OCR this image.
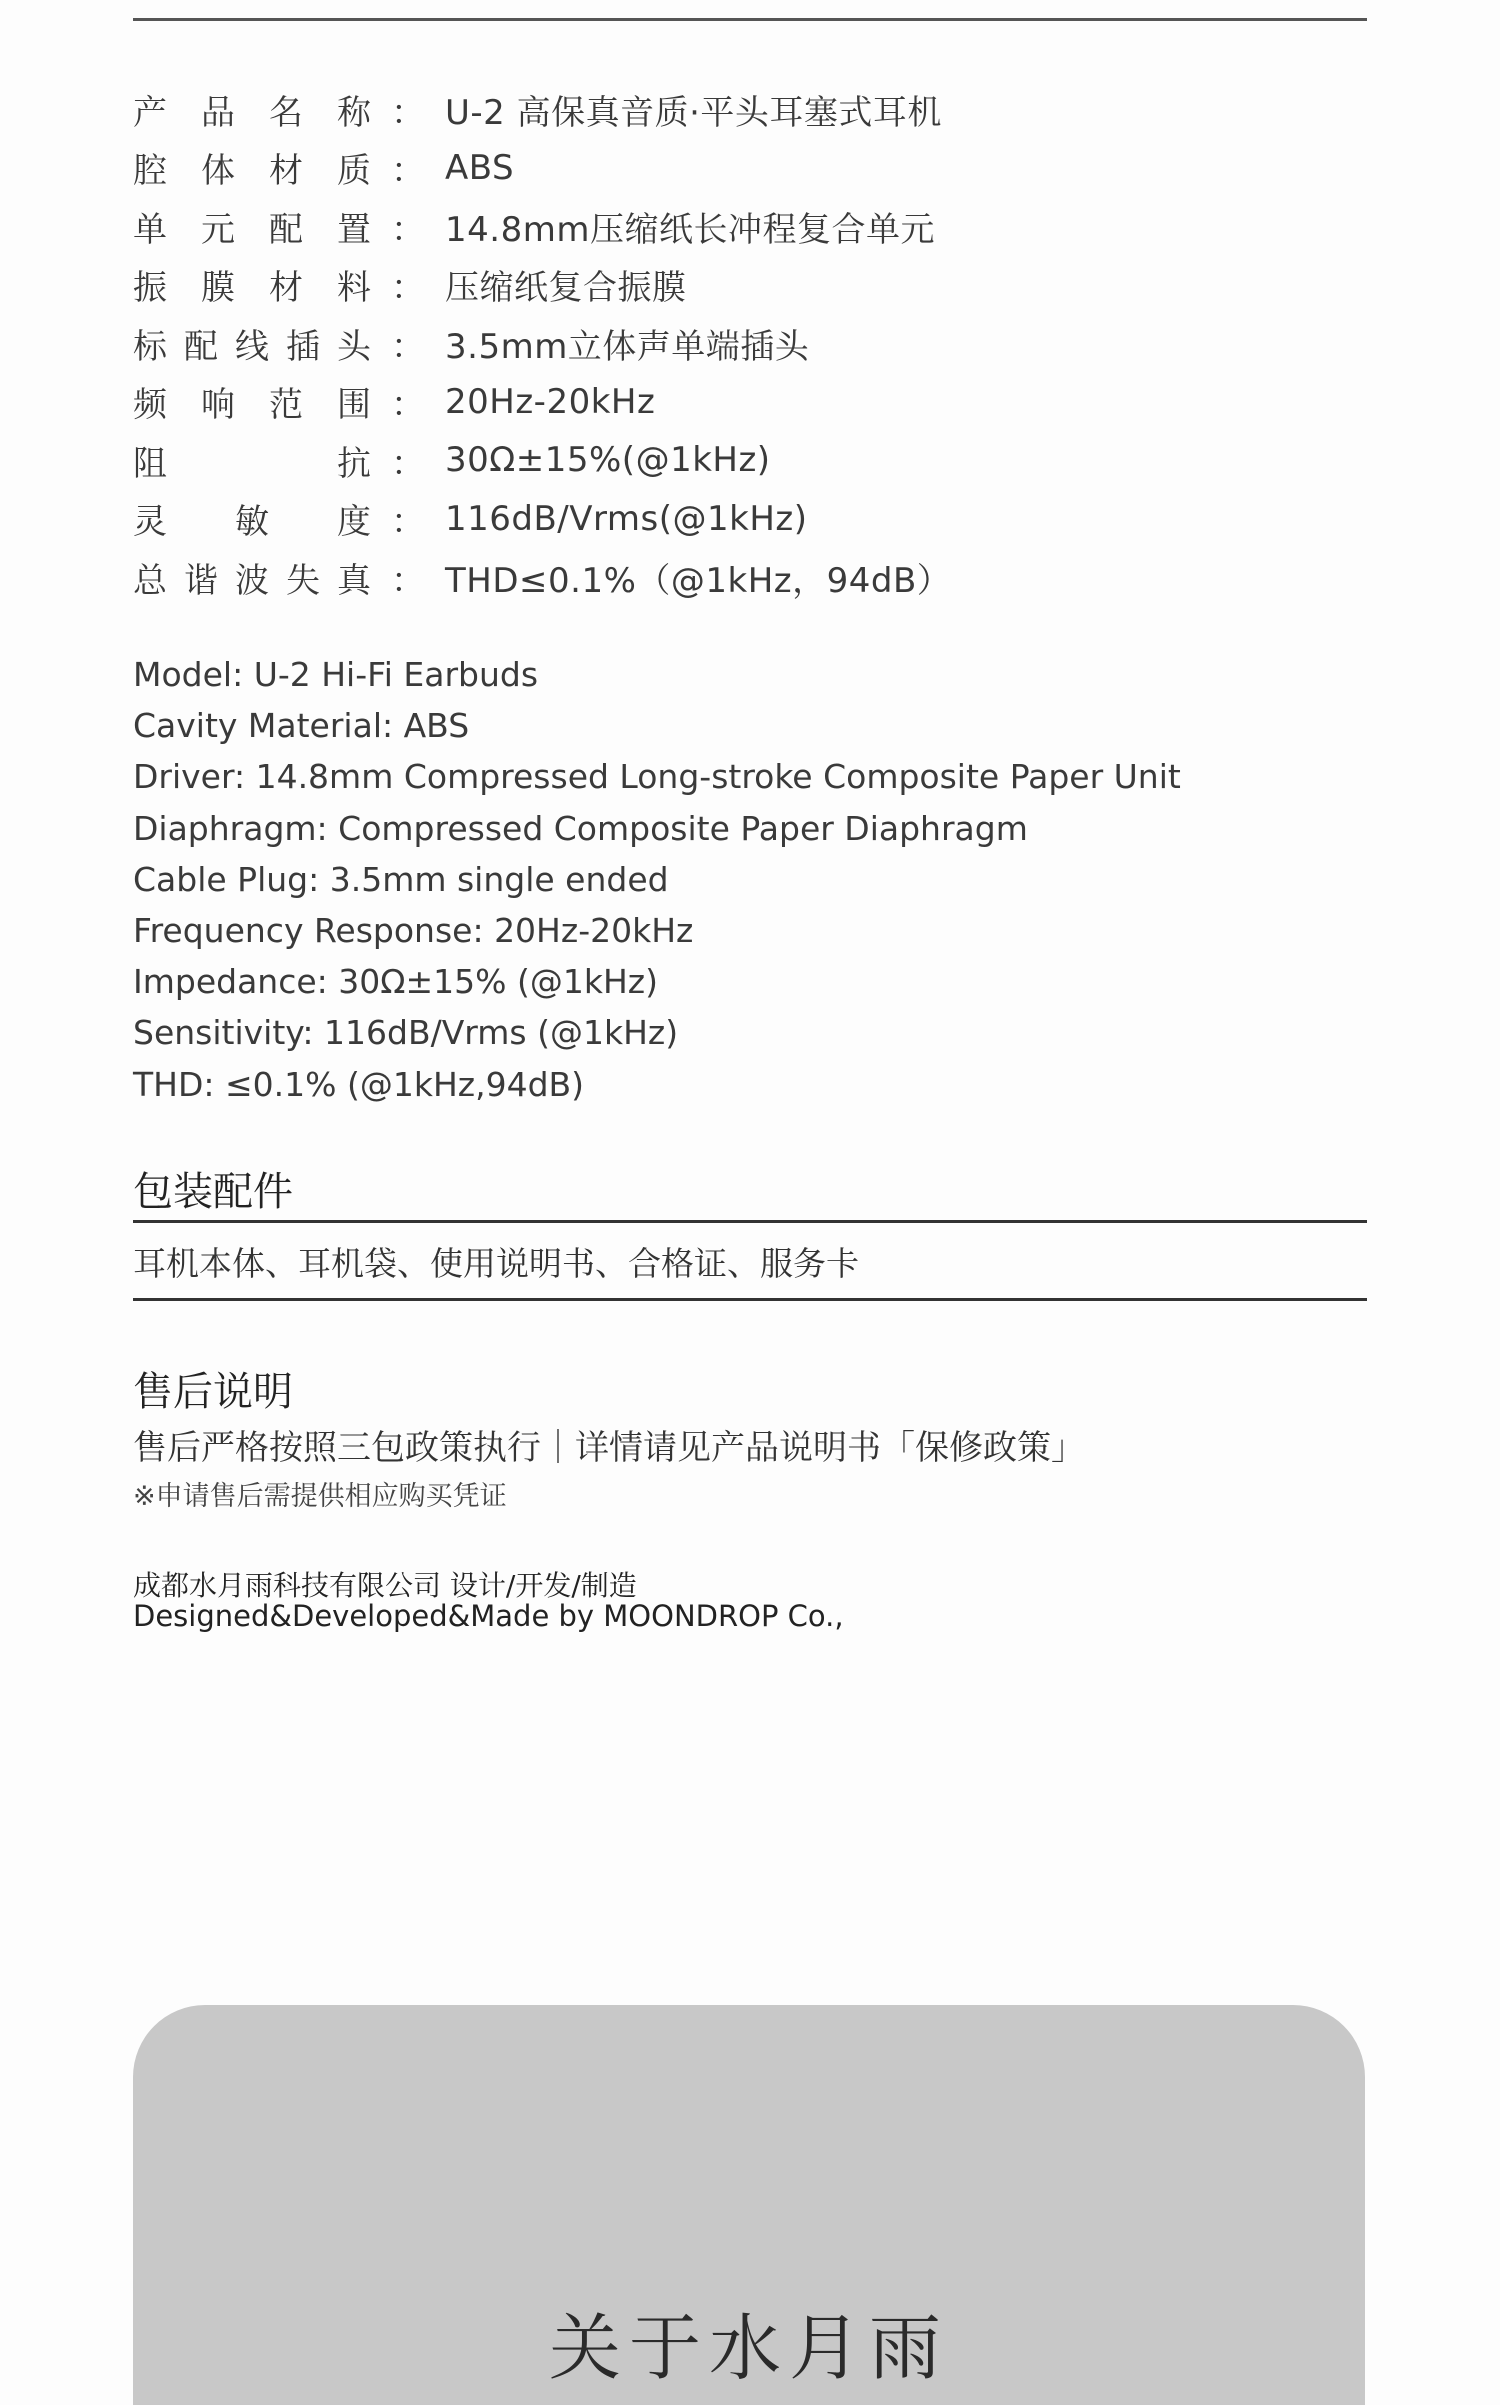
产 品 名 称 ： U-2 高保真音质·平头耳塞式耳机
腔 体 材 质 ： ABS
单 元 配 置 ： 14.8mm压缩纸长冲程复合单元
振 膜 材 料 ： 压缩纸复合振膜
标 配 线 插 头 ： 3.5mm立体声单端插头
频 响 范 围 ： 20Hz-20kHz
阻	抗 ： 30Ω±15%(@1kHz)
灵 敏 度 ： 116dB/Vrms(@1kHz)
总 谐 波 失 真 ： THD≤0.1%（@1kHz，94dB）
Model: U-2 Hi-Fi Earbuds
Cavity Material: ABS
Driver: 14.8mm Compressed Long-stroke Composite Paper Unit
Diaphragm: Compressed Composite Paper Diaphragm
Cable Plug: 3.5mm single ended
Frequency Response: 20Hz-20kHz
Impedance: 30Ω±15% (@1kHz)
Sensitivity: 116dB/Vrms (@1kHz)
THD: ≤0.1% (@1kHz,94dB)
包装配件
耳机本体、耳机袋、使用说明书、合格证、服务卡
售后说明
售后严格按照三包政策执行｜详情请见产品说明书「保修政策」
※申请售后需提供相应购买凭证
成都水月雨科技有限公司 设计/开发/制造
Designed&Developed&Made by MOONDROP Co.,
关于水月雨
